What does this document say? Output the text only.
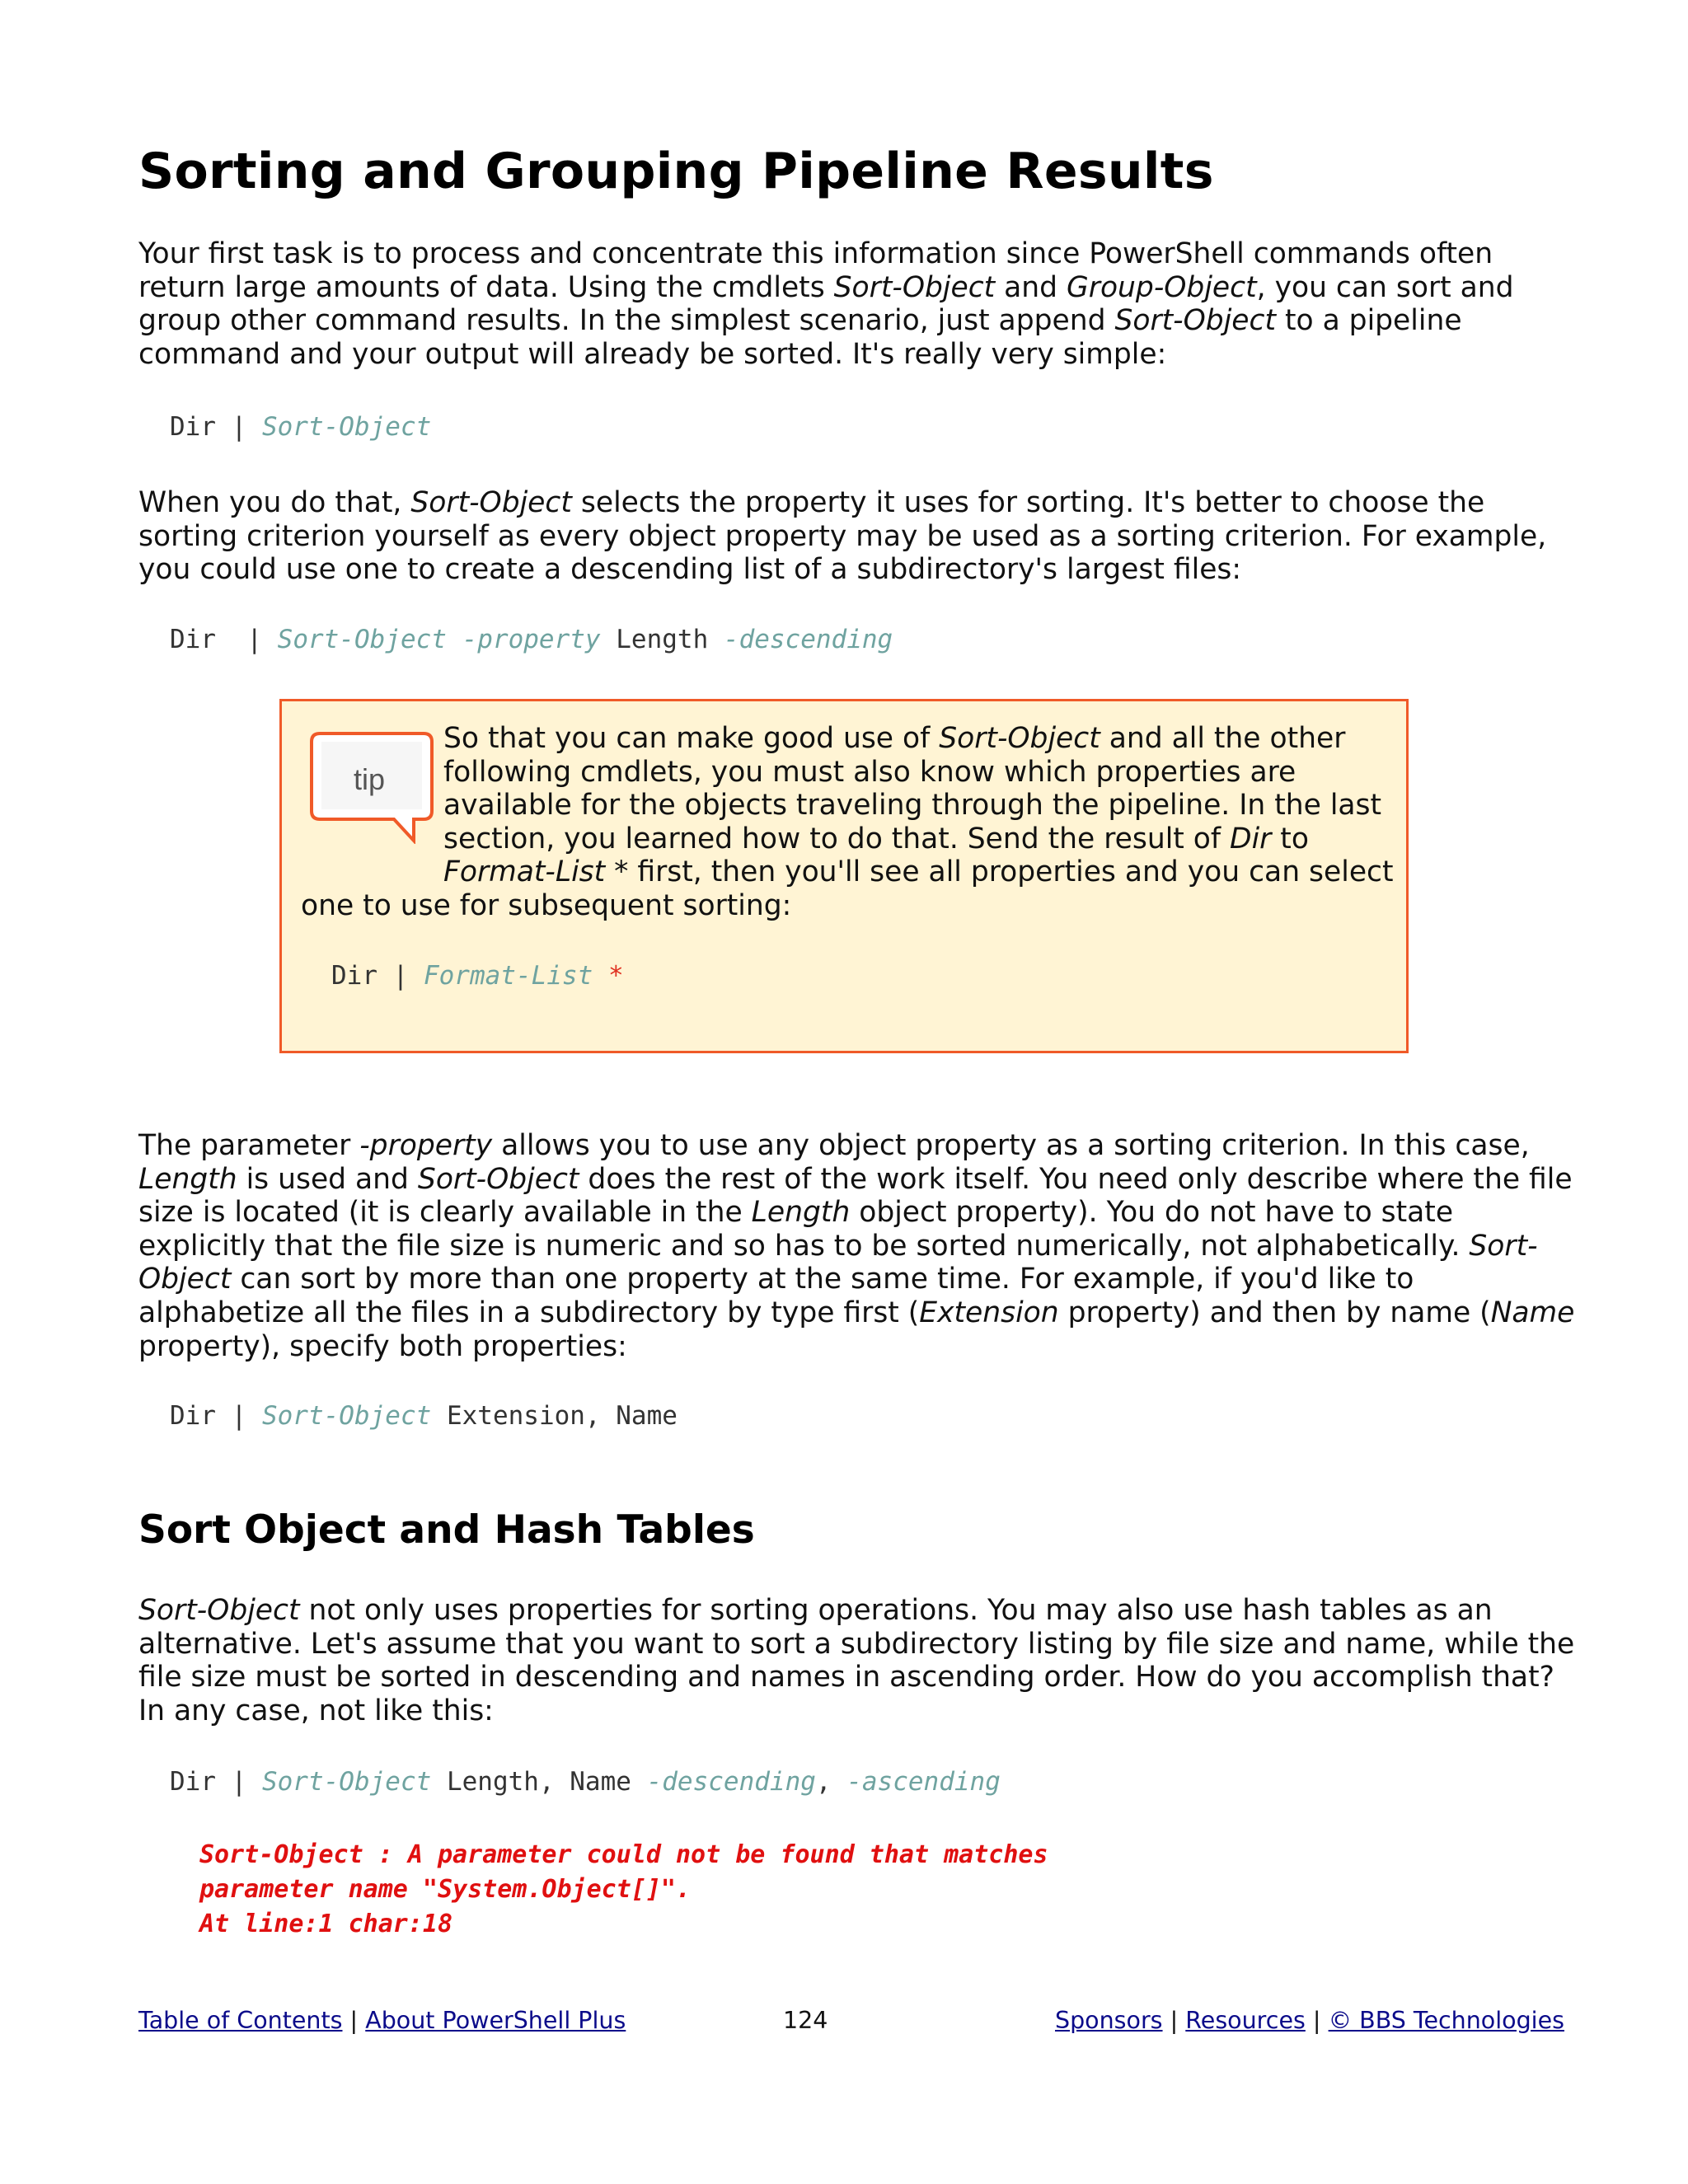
Sorting and Grouping Pipeline Results
Your first task is to process and concentrate this information since PowerShell commands often
return large amounts of data. Using the cmdlets Sort-Object and Group-Object, you can sort and
group other command results. In the simplest scenario, just append Sort-Object to a pipeline
command and your output will already be sorted. It's really very simple:
Dir | Sort-Object
When you do that, Sort-Object selects the property it uses for sorting. It's better to choose the
sorting criterion yourself as every object property may be used as a sorting criterion. For example,
you could use one to create a descending list of a subdirectory's largest files:
Dir  | Sort-Object -property Length -descending
tip
So that you can make good use of Sort-Object and all the other
following cmdlets, you must also know which properties are
available for the objects traveling through the pipeline. In the last
section, you learned how to do that. Send the result of Dir to
Format-List * first, then you'll see all properties and you can select
one to use for subsequent sorting:
Dir | Format-List *
The parameter -property allows you to use any object property as a sorting criterion. In this case,
Length is used and Sort-Object does the rest of the work itself. You need only describe where the file
size is located (it is clearly available in the Length object property). You do not have to state
explicitly that the file size is numeric and so has to be sorted numerically, not alphabetically. Sort-
Object can sort by more than one property at the same time. For example, if you'd like to
alphabetize all the files in a subdirectory by type first (Extension property) and then by name (Name
property), specify both properties:
Dir | Sort-Object Extension, Name
Sort Object and Hash Tables
Sort-Object not only uses properties for sorting operations. You may also use hash tables as an
alternative. Let's assume that you want to sort a subdirectory listing by file size and name, while the
file size must be sorted in descending and names in ascending order. How do you accomplish that?
In any case, not like this:
Dir | Sort-Object Length, Name -descending, -ascending
Sort-Object : A parameter could not be found that matches
parameter name "System.Object[]".
At line:1 char:18
Table of Contents | About PowerShell Plus	124	Sponsors | Resources | © BBS Technologies
